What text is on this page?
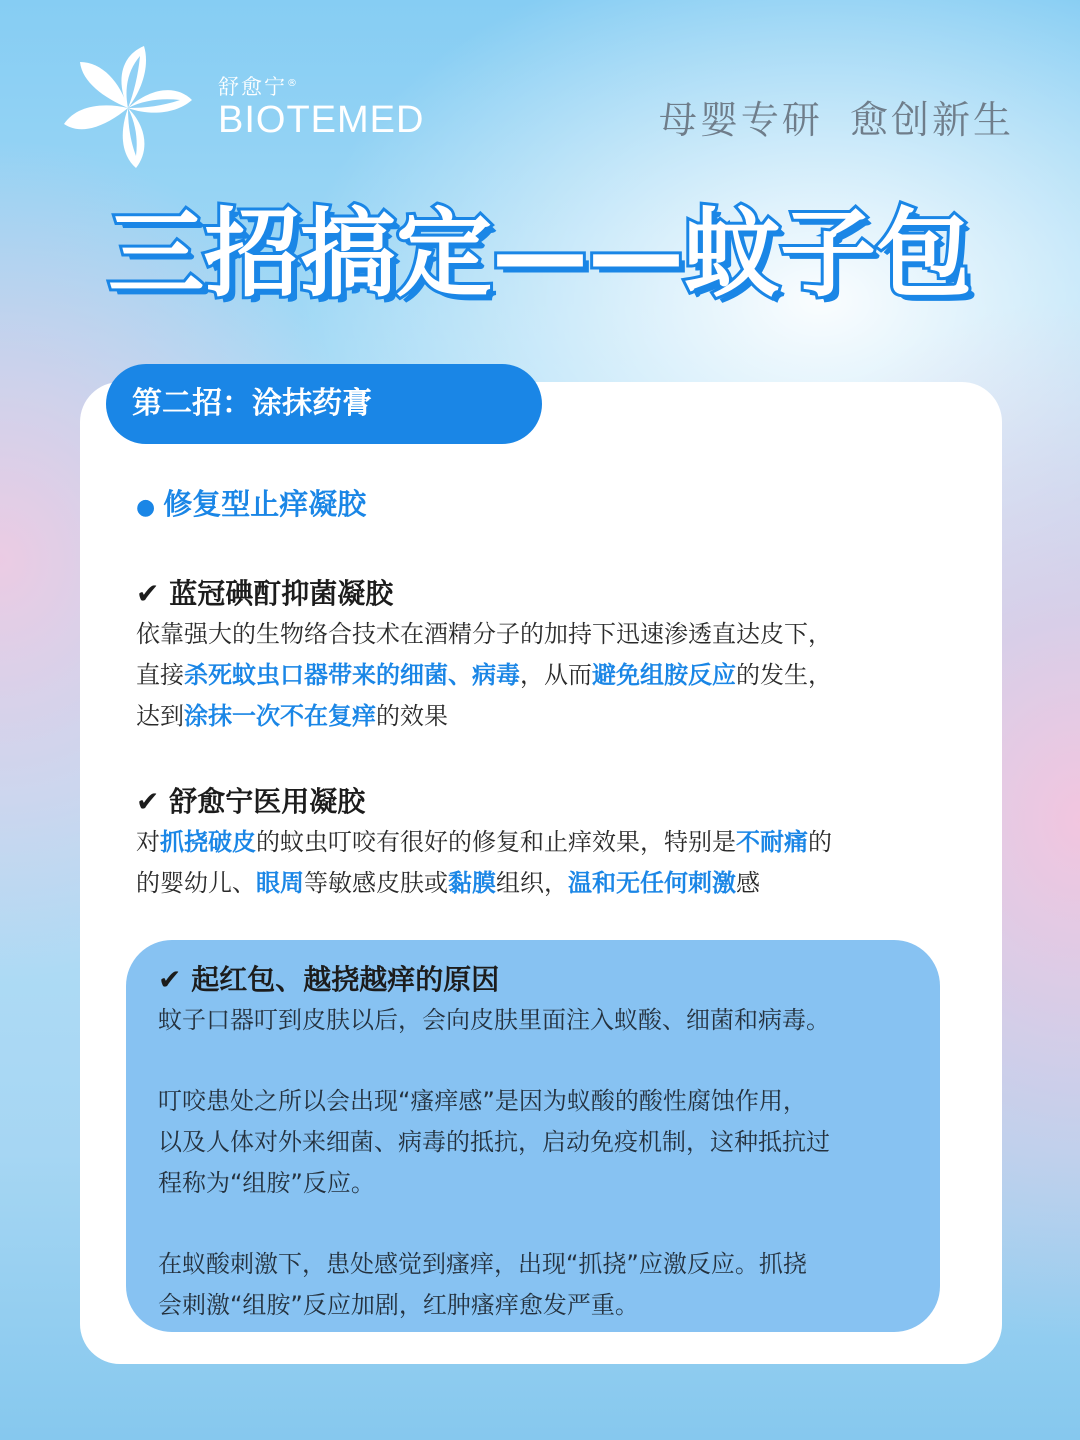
舒愈宁®
BIOTEMED	母婴专研 愈创新生
三招搞定——蚊子包
第二招：涂抹药膏
● 修复型止痒凝胶
✔ 蓝冠碘酊抑菌凝胶
依靠强大的生物络合技术在酒精分子的加持下迅速渗透直达皮下，
直接杀死蚊虫口器带来的细菌、病毒，从而避免组胺反应的发生，
达到涂抹一次不在复痒的效果
✔ 舒愈宁医用凝胶
对抓挠破皮的蚊虫叮咬有很好的修复和止痒效果，特别是不耐痛的
的婴幼儿、眼周等敏感皮肤或黏膜组织，温和无任何刺激感
✔ 起红包、越挠越痒的原因
蚊子口器叮到皮肤以后，会向皮肤里面注入蚁酸、细菌和病毒。
叮咬患处之所以会出现“瘙痒感”是因为蚁酸的酸性腐蚀作用，
以及人体对外来细菌、病毒的抵抗，启动免疫机制，这种抵抗过
程称为“组胺”反应。
在蚁酸刺激下，患处感觉到瘙痒，出现“抓挠”应激反应。抓挠
会刺激“组胺”反应加剧，红肿瘙痒愈发严重。
